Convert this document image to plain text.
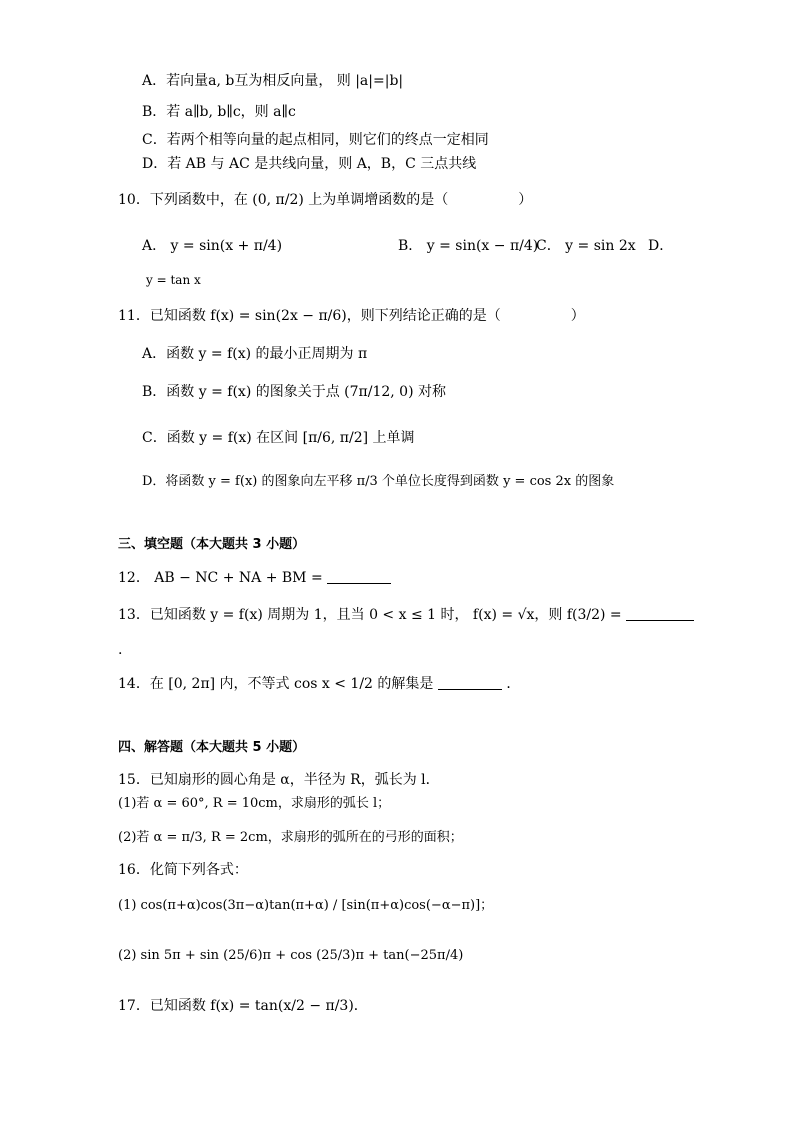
A．若向量a, b互为相反向量， 则 |a|=|b|
B．若 a∥b, b∥c，则 a∥c
C．若两个相等向量的起点相同，则它们的终点一定相同
D．若 AB 与 AC 是共线向量，则 A，B，C 三点共线
10．下列函数中，在 (0, π/2) 上为单调增函数的是（　　　　　）
A． y = sin(x + π/4)	B． y = sin(x − π/4)
C． y = sin 2x D．
y = tan x
11．已知函数 f(x) = sin(2x − π/6)，则下列结论正确的是（　　　　　）
A．函数 y = f(x) 的最小正周期为 π
B．函数 y = f(x) 的图象关于点 (7π/12, 0) 对称
C．函数 y = f(x) 在区间 [π/6, π/2] 上单调
D．将函数 y = f(x) 的图象向左平移 π/3 个单位长度得到函数 y = cos 2x 的图象
三、填空题（本大题共 3 小题）
12． AB − NC + NA + BM =
13．已知函数 y = f(x) 周期为 1，且当 0 < x ≤ 1 时， f(x) = √x，则 f(3/2) =
.
14．在 [0, 2π] 内，不等式 cos x < 1/2 的解集是	．
四、解答题（本大题共 5 小题）
15．已知扇形的圆心角是 α，半径为 R，弧长为 l．
(1)若 α = 60°, R = 10cm，求扇形的弧长 l；
(2)若 α = π/3, R = 2cm，求扇形的弧所在的弓形的面积；
16．化简下列各式：
(1) cos(π+α)cos(3π−α)tan(π+α) / [sin(π+α)cos(−α−π)]；
(2) sin 5π + sin (25/6)π + cos (25/3)π + tan(−25π/4)
17．已知函数 f(x) = tan(x/2 − π/3)．
